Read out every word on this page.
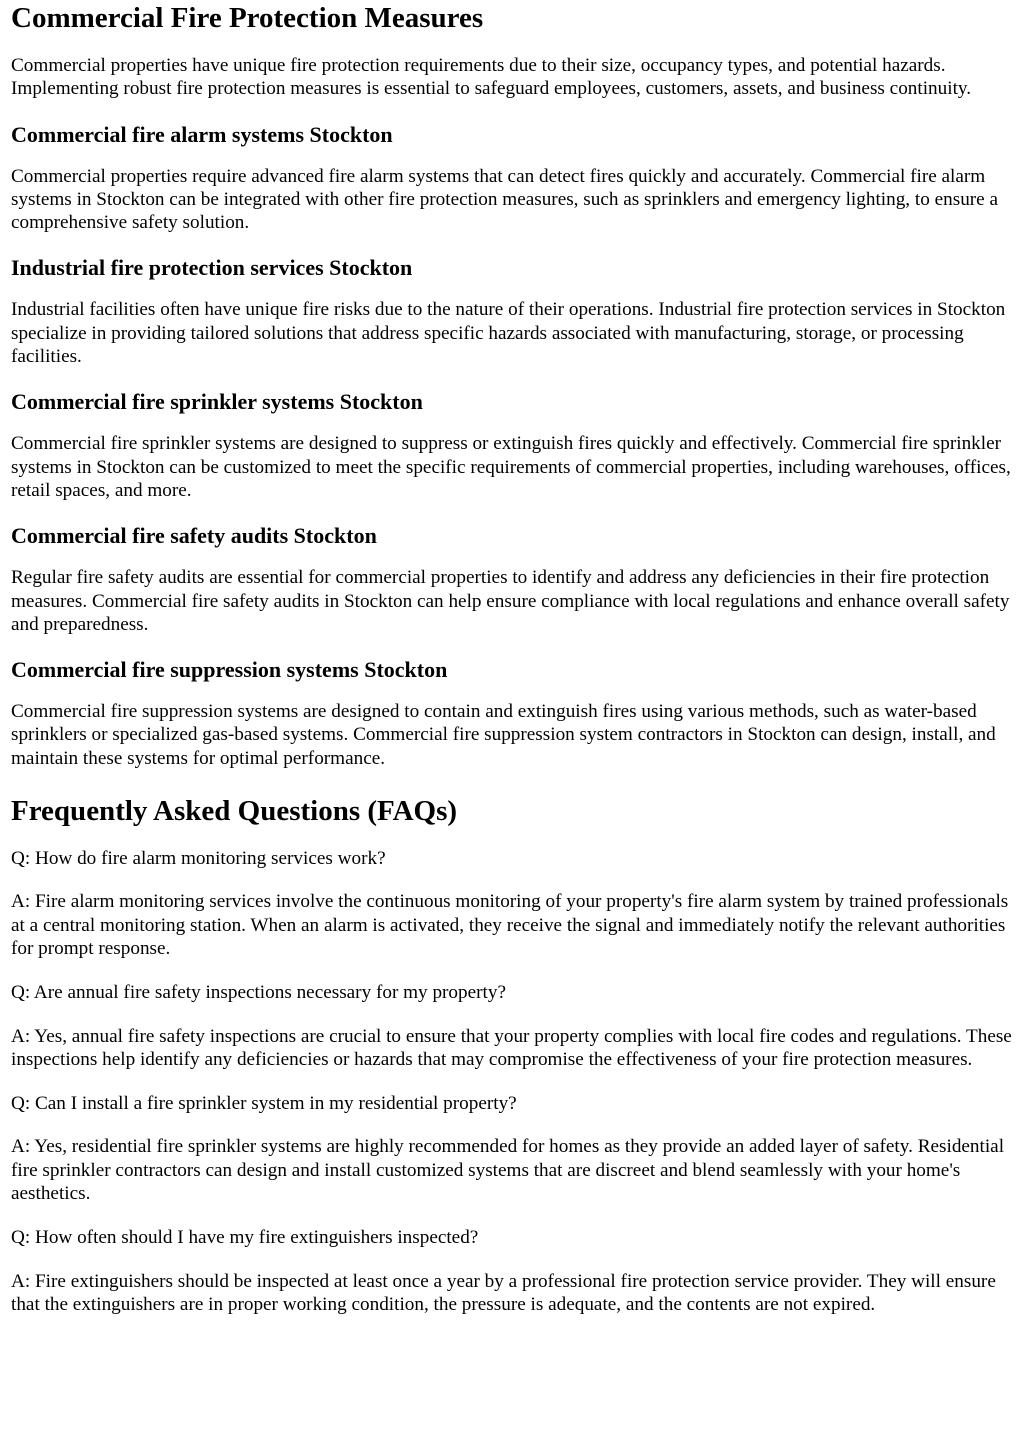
Commercial Fire Protection Measures

Commercial properties have unique fire protection requirements due to their size, occupancy types, and potential hazards. Implementing robust fire protection measures is essential to safeguard employees, customers, assets, and business continuity.

Commercial fire alarm systems Stockton

Commercial properties require advanced fire alarm systems that can detect fires quickly and accurately. Commercial fire alarm systems in Stockton can be integrated with other fire protection measures, such as sprinklers and emergency lighting, to ensure a comprehensive safety solution.

Industrial fire protection services Stockton

Industrial facilities often have unique fire risks due to the nature of their operations. Industrial fire protection services in Stockton specialize in providing tailored solutions that address specific hazards associated with manufacturing, storage, or processing facilities.

Commercial fire sprinkler systems Stockton

Commercial fire sprinkler systems are designed to suppress or extinguish fires quickly and effectively. Commercial fire sprinkler systems in Stockton can be customized to meet the specific requirements of commercial properties, including warehouses, offices, retail spaces, and more.

Commercial fire safety audits Stockton

Regular fire safety audits are essential for commercial properties to identify and address any deficiencies in their fire protection measures. Commercial fire safety audits in Stockton can help ensure compliance with local regulations and enhance overall safety and preparedness.

Commercial fire suppression systems Stockton

Commercial fire suppression systems are designed to contain and extinguish fires using various methods, such as water-based sprinklers or specialized gas-based systems. Commercial fire suppression system contractors in Stockton can design, install, and maintain these systems for optimal performance.

Frequently Asked Questions (FAQs)

Q: How do fire alarm monitoring services work?

A: Fire alarm monitoring services involve the continuous monitoring of your property's fire alarm system by trained professionals at a central monitoring station. When an alarm is activated, they receive the signal and immediately notify the relevant authorities for prompt response.

Q: Are annual fire safety inspections necessary for my property?

A: Yes, annual fire safety inspections are crucial to ensure that your property complies with local fire codes and regulations. These inspections help identify any deficiencies or hazards that may compromise the effectiveness of your fire protection measures.

Q: Can I install a fire sprinkler system in my residential property?

A: Yes, residential fire sprinkler systems are highly recommended for homes as they provide an added layer of safety. Residential fire sprinkler contractors can design and install customized systems that are discreet and blend seamlessly with your home's aesthetics.

Q: How often should I have my fire extinguishers inspected?

A: Fire extinguishers should be inspected at least once a year by a professional fire protection service provider. They will ensure that the extinguishers are in proper working condition, the pressure is adequate, and the contents are not expired.
